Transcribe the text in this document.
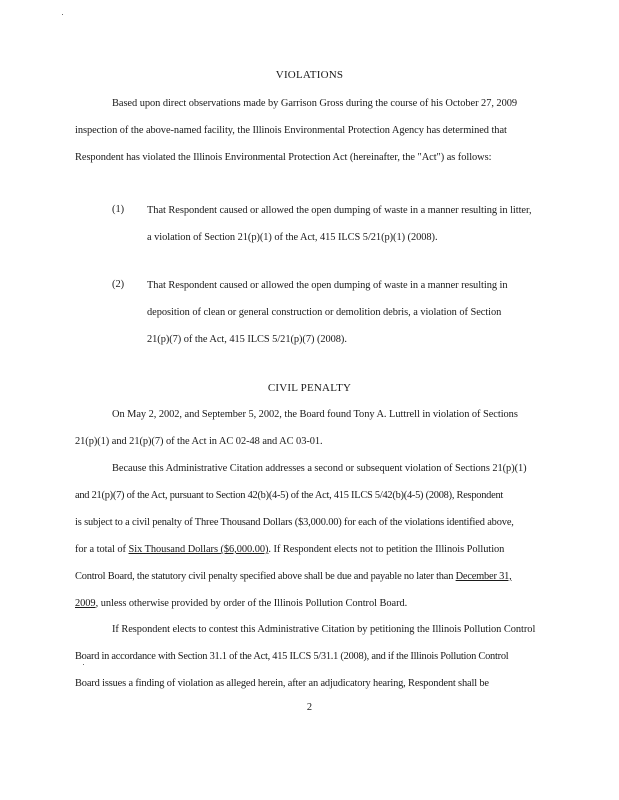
VIOLATIONS
Based upon direct observations made by Garrison Gross during the course of his October 27, 2009
inspection of the above-named facility, the Illinois Environmental Protection Agency has determined that
Respondent has violated the Illinois Environmental Protection Act (hereinafter, the "Act") as follows:
(1) That Respondent caused or allowed the open dumping of waste in a manner resulting in litter,
a violation of Section 21(p)(1) of the Act, 415 ILCS 5/21(p)(1) (2008).
(2) That Respondent caused or allowed the open dumping of waste in a manner resulting in
deposition of clean or general construction or demolition debris, a violation of Section
21(p)(7) of the Act, 415 ILCS 5/21(p)(7) (2008).
CIVIL PENALTY
On May 2, 2002, and September 5, 2002, the Board found Tony A. Luttrell in violation of Sections
21(p)(1) and 21(p)(7) of the Act in AC 02-48 and AC 03-01.
Because this Administrative Citation addresses a second or subsequent violation of Sections 21(p)(1)
and 21(p)(7) of the Act, pursuant to Section 42(b)(4-5) of the Act, 415 ILCS 5/42(b)(4-5) (2008), Respondent
is subject to a civil penalty of Three Thousand Dollars ($3,000.00) for each of the violations identified above,
for a total of Six Thousand Dollars ($6,000.00). If Respondent elects not to petition the Illinois Pollution
Control Board, the statutory civil penalty specified above shall be due and payable no later than December 31,
2009, unless otherwise provided by order of the Illinois Pollution Control Board.
If Respondent elects to contest this Administrative Citation by petitioning the Illinois Pollution Control
Board in accordance with Section 31.1 of the Act, 415 ILCS 5/31.1 (2008), and if the Illinois Pollution Control
Board issues a finding of violation as alleged herein, after an adjudicatory hearing, Respondent shall be
2
